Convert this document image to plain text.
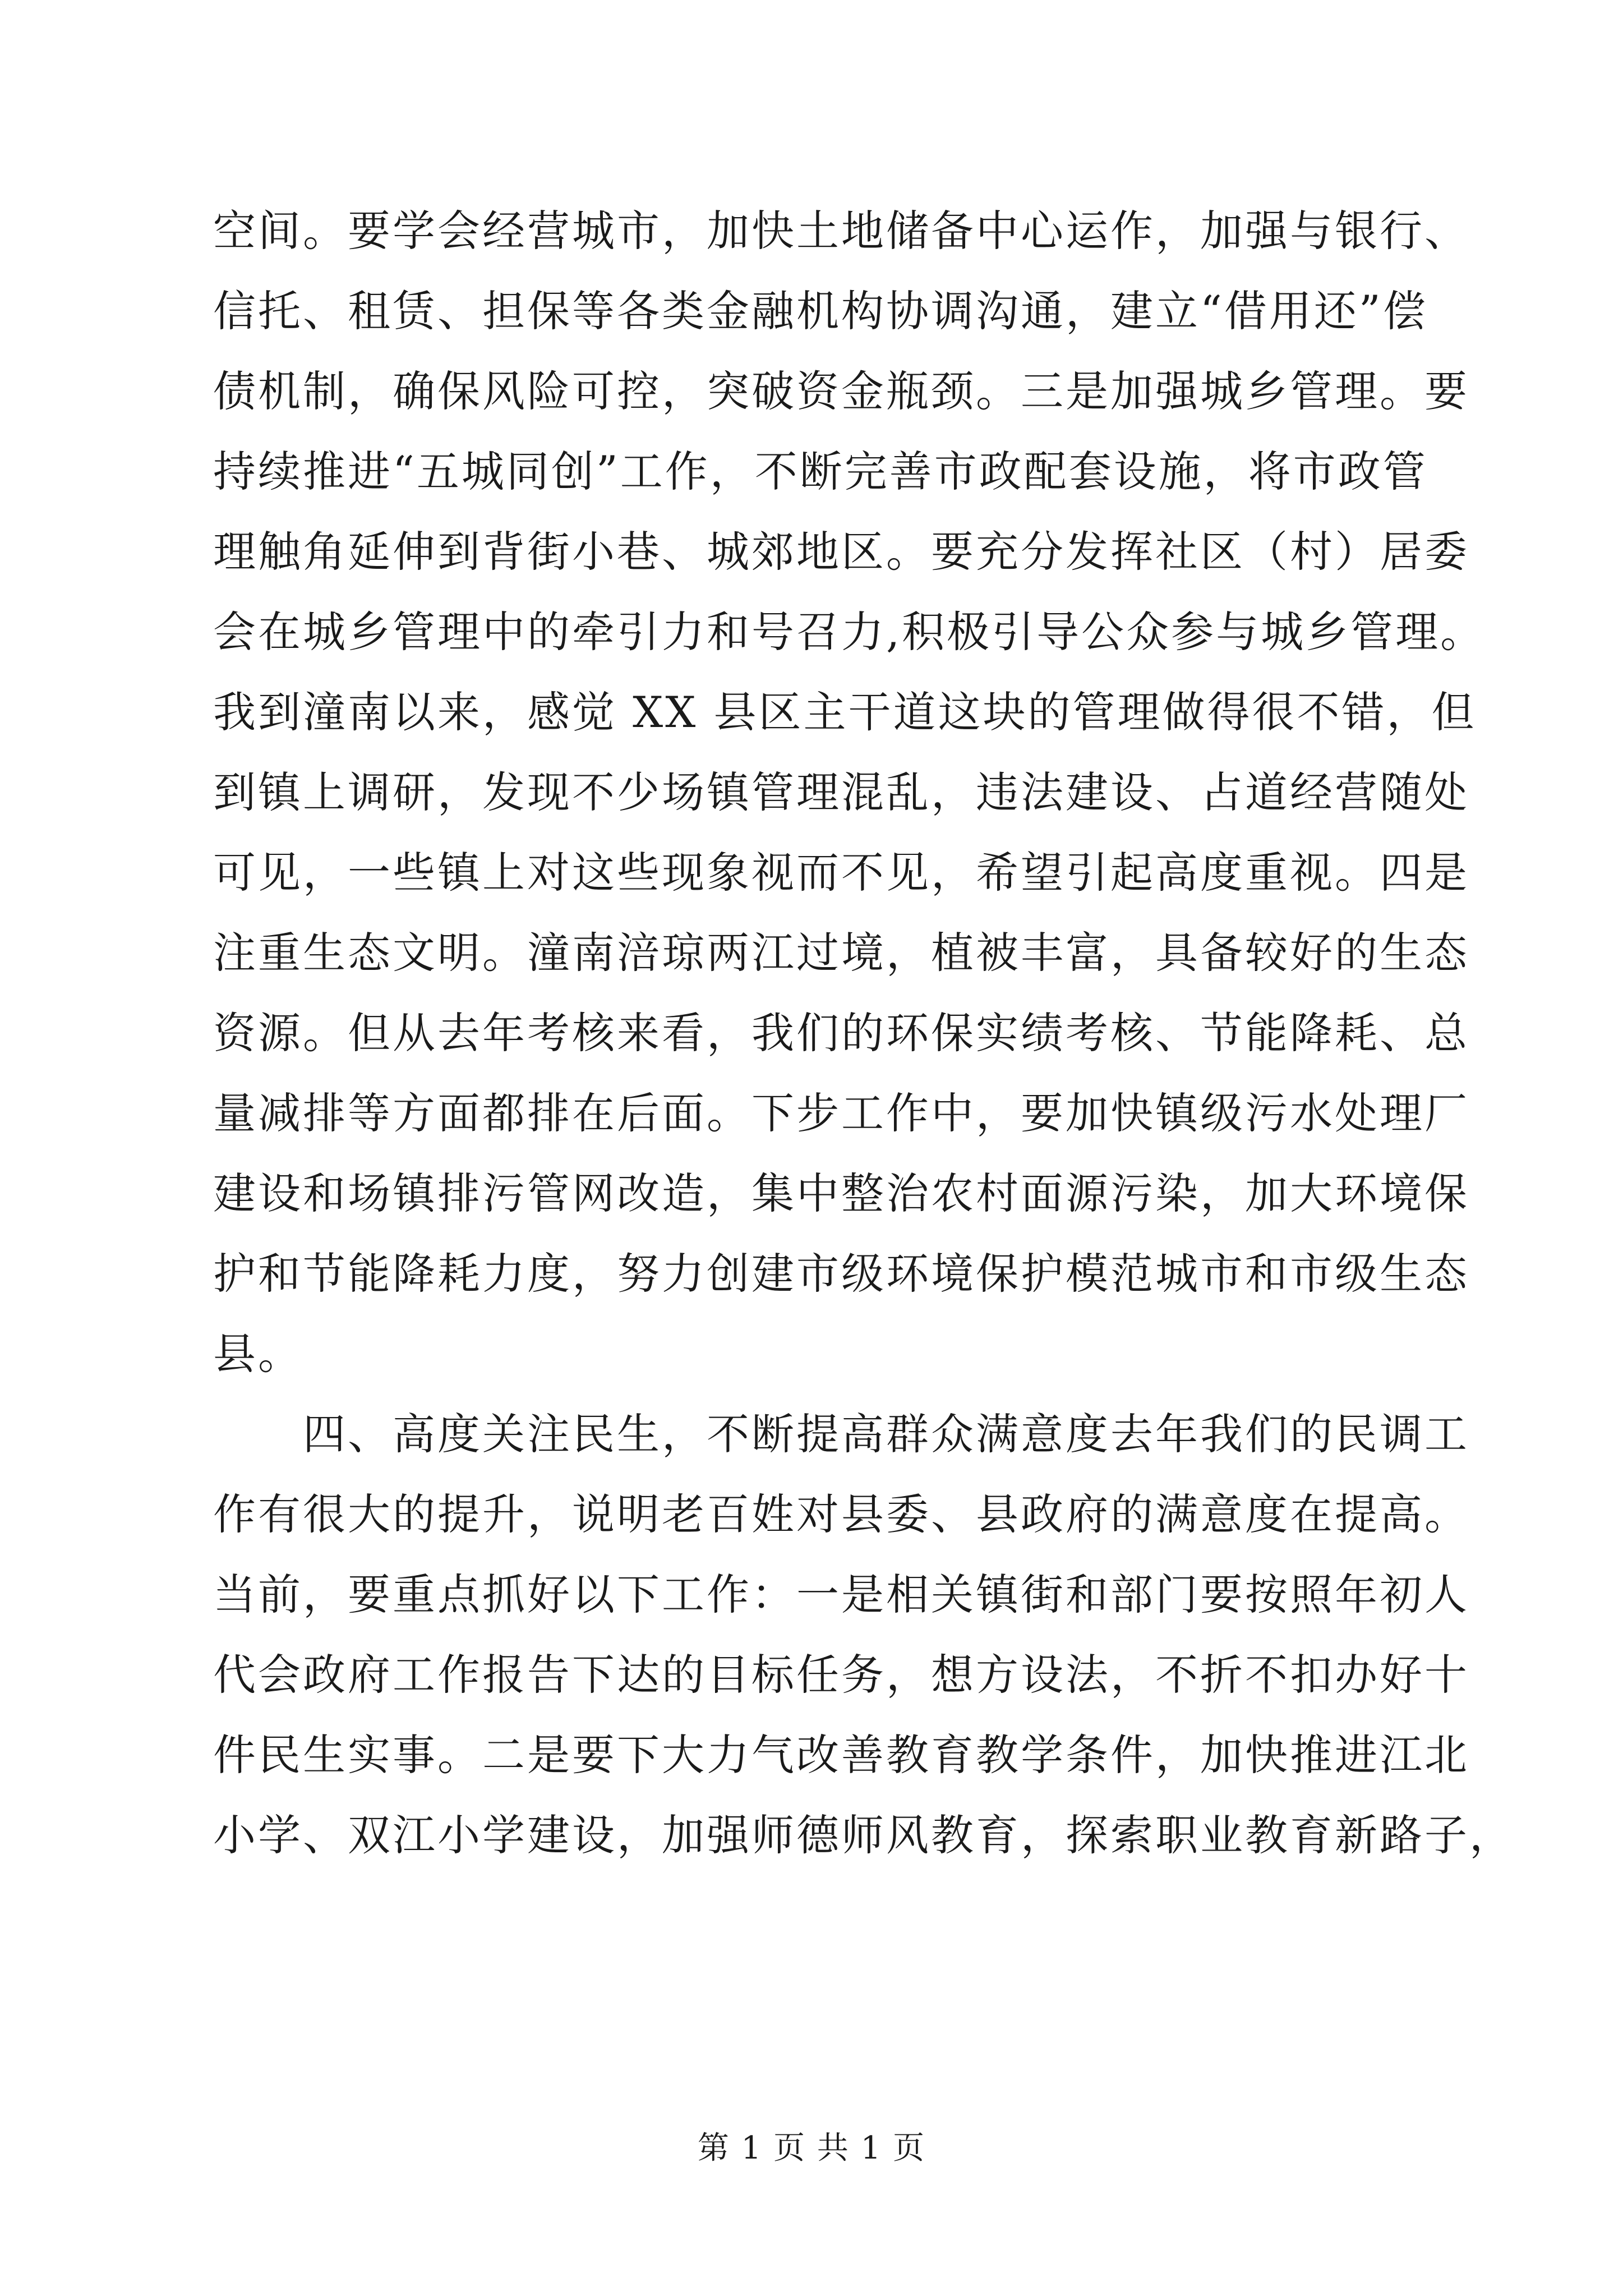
空间。要学会经营城市，加快土地储备中心运作，加强与银行、
信托、租赁、担保等各类金融机构协调沟通，建立“借用还”偿
债机制，确保风险可控，突破资金瓶颈。三是加强城乡管理。要
持续推进“五城同创”工作，不断完善市政配套设施，将市政管
理触角延伸到背街小巷、城郊地区。要充分发挥社区（村）居委
会在城乡管理中的牵引力和号召力,积极引导公众参与城乡管理。
我到潼南以来，感觉 XX 县区主干道这块的管理做得很不错，但
到镇上调研，发现不少场镇管理混乱，违法建设、占道经营随处
可见，一些镇上对这些现象视而不见，希望引起高度重视。四是
注重生态文明。潼南涪琼两江过境，植被丰富，具备较好的生态
资源。但从去年考核来看，我们的环保实绩考核、节能降耗、总
量减排等方面都排在后面。下步工作中，要加快镇级污水处理厂
建设和场镇排污管网改造，集中整治农村面源污染，加大环境保
护和节能降耗力度，努力创建市级环境保护模范城市和市级生态
县。
四、高度关注民生，不断提高群众满意度去年我们的民调工
作有很大的提升，说明老百姓对县委、县政府的满意度在提高。
当前，要重点抓好以下工作：一是相关镇街和部门要按照年初人
代会政府工作报告下达的目标任务，想方设法，不折不扣办好十
件民生实事。二是要下大力气改善教育教学条件，加快推进江北
小学、双江小学建设，加强师德师风教育，探索职业教育新路子，
第 1 页 共 1 页
